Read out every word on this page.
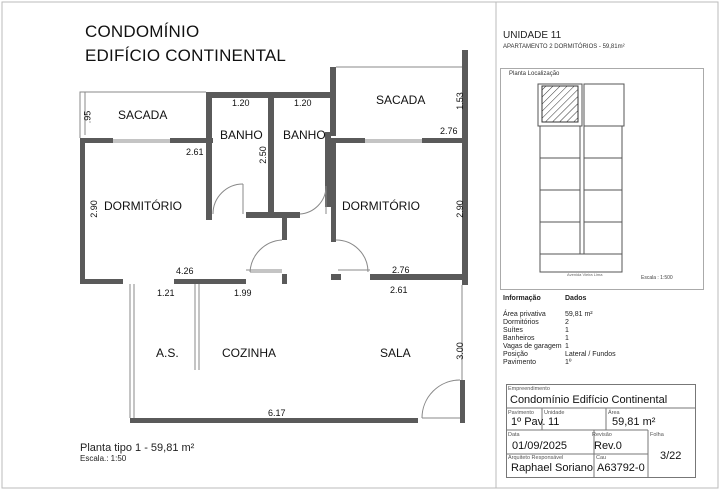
CONDOMÍNIO
EDIFÍCIO CONTINENTAL
SACADA
SACADA
BANHO BANHO
DORMITÓRIO	DORMITÓRIO
A.S.	COZINHA	SALA
.95
1.20	1.20	1.53
2.61	2.50
2.76
2.90	2.90
4.26	2.76
1.21	1.99	2.61
3.00
6.17
Planta tipo 1 - 59,81 m²
Escala.: 1:50
UNIDADE 11
APARTAMENTO 2 DORMITÓRIOS - 59,81m²
Planta Localização
Avenida Vieira Lima
Escala : 1:500
Informação	Dados
Área privativa	59,81 m²
Dormitórios	2
Suítes	1
Banheiros	1
Vagas de garagem 1
Posição	Lateral / Fundos
Pavimento	1º
Empreendimento
Condomínio Edifício Continental
Pavimento
1º Pav.
Unidade
11
Área
59,81 m²
Data
01/09/2025
Revisão
Rev.0
Folha
3/22
Arquiteto Responsável
Raphael Soriano
Cau
A63792-0
